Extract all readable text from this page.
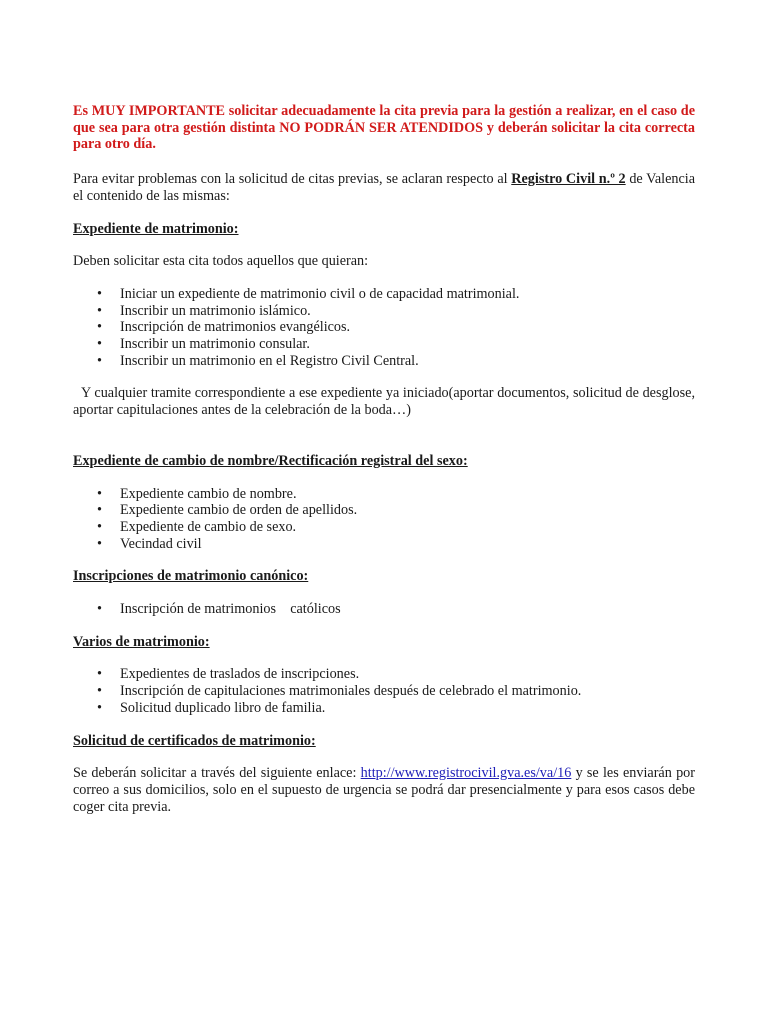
Es MUY IMPORTANTE solicitar adecuadamente la cita previa para la gestión a realizar, en el caso de que sea para otra gestión distinta NO PODRÁN SER ATENDIDOS y deberán solicitar la cita correcta para otro día.

Para evitar problemas con la solicitud de citas previas, se aclaran respecto al Registro Civil n.º 2 de Valencia el contenido de las mismas:

Expediente de matrimonio:

Deben solicitar esta cita todos aquellos que quieran:

• Iniciar un expediente de matrimonio civil o de capacidad matrimonial.
• Inscribir un matrimonio islámico.
• Inscripción de matrimonios evangélicos.
• Inscribir un matrimonio consular.
• Inscribir un matrimonio en el Registro Civil Central.

Y cualquier tramite correspondiente a ese expediente ya iniciado(aportar documentos, solicitud de desglose, aportar capitulaciones antes de la celebración de la boda…)

Expediente de cambio de nombre/Rectificación registral del sexo:

• Expediente cambio de nombre.
• Expediente cambio de orden de apellidos.
• Expediente de cambio de sexo.
• Vecindad civil

Inscripciones de matrimonio canónico:

• Inscripción de matrimonios    católicos

Varios de matrimonio:

• Expedientes de traslados de inscripciones.
• Inscripción de capitulaciones matrimoniales después de celebrado el matrimonio.
• Solicitud duplicado libro de familia.

Solicitud de certificados de matrimonio:

Se deberán solicitar a través del siguiente enlace: http://www.registrocivil.gva.es/va/16 y se les enviarán por correo a sus domicilios, solo en el supuesto de urgencia se podrá dar presencialmente y para esos casos debe coger cita previa.
